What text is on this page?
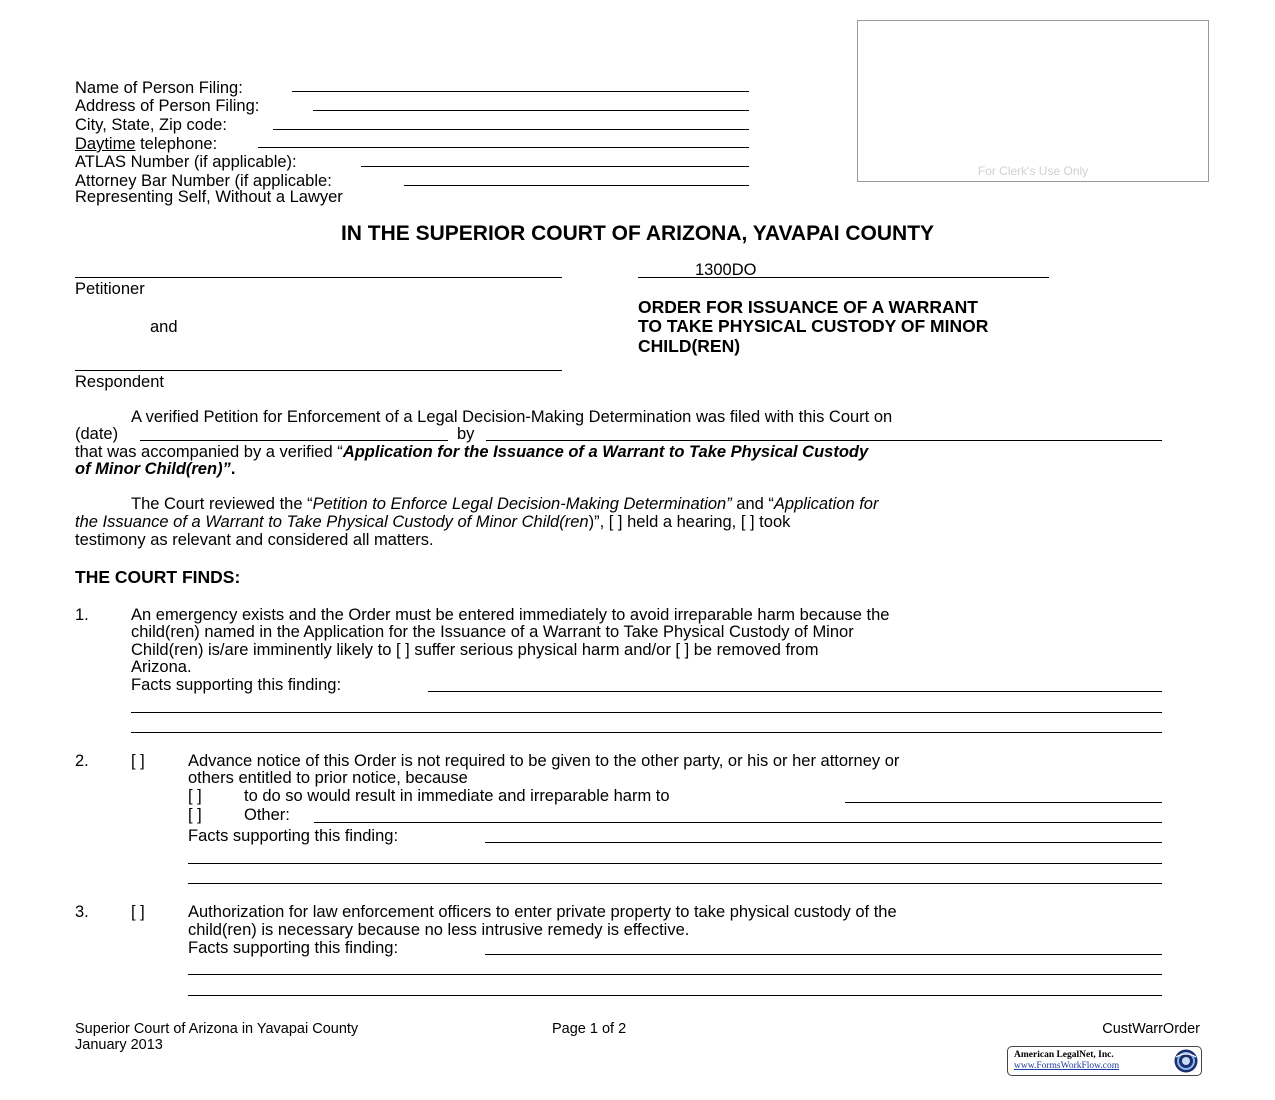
For Clerk's Use Only
Name of Person Filing:
Address of Person Filing:
City, State, Zip code:
Daytime telephone:
ATLAS Number (if applicable):
Attorney Bar Number (if applicable:
Representing Self, Without a Lawyer
IN THE SUPERIOR COURT OF ARIZONA, YAVAPAI COUNTY
Petitioner
and
Respondent
1300DO
ORDER FOR ISSUANCE OF A WARRANT
TO TAKE PHYSICAL CUSTODY OF MINOR
CHILD(REN)
A verified Petition for Enforcement of a Legal Decision-Making Determination was filed with this Court on
(date)	by
that was accompanied by a verified “Application for the Issuance of a Warrant to Take Physical Custody
of Minor Child(ren)”.
The Court reviewed the “Petition to Enforce Legal Decision-Making Determination” and “Application for
the Issuance of a Warrant to Take Physical Custody of Minor Child(ren)”, [ ] held a hearing, [ ] took
testimony as relevant and considered all matters.
THE COURT FINDS:
1.	An emergency exists and the Order must be entered immediately to avoid irreparable harm because the
child(ren) named in the Application for the Issuance of a Warrant to Take Physical Custody of Minor
Child(ren) is/are imminently likely to [ ] suffer serious physical harm and/or [ ] be removed from
Arizona.
Facts supporting this finding:
2.	[ ]	Advance notice of this Order is not required to be given to the other party, or his or her attorney or
others entitled to prior notice, because
[ ]	to do so would result in immediate and irreparable harm to
[ ]	Other:
Facts supporting this finding:
3.	[ ]	Authorization for law enforcement officers to enter private property to take physical custody of the
child(ren) is necessary because no less intrusive remedy is effective.
Facts supporting this finding:
Superior Court of Arizona in Yavapai County
January 2013
Page 1 of 2	CustWarrOrder
American LegalNet, Inc.
www.FormsWorkFlow.com
